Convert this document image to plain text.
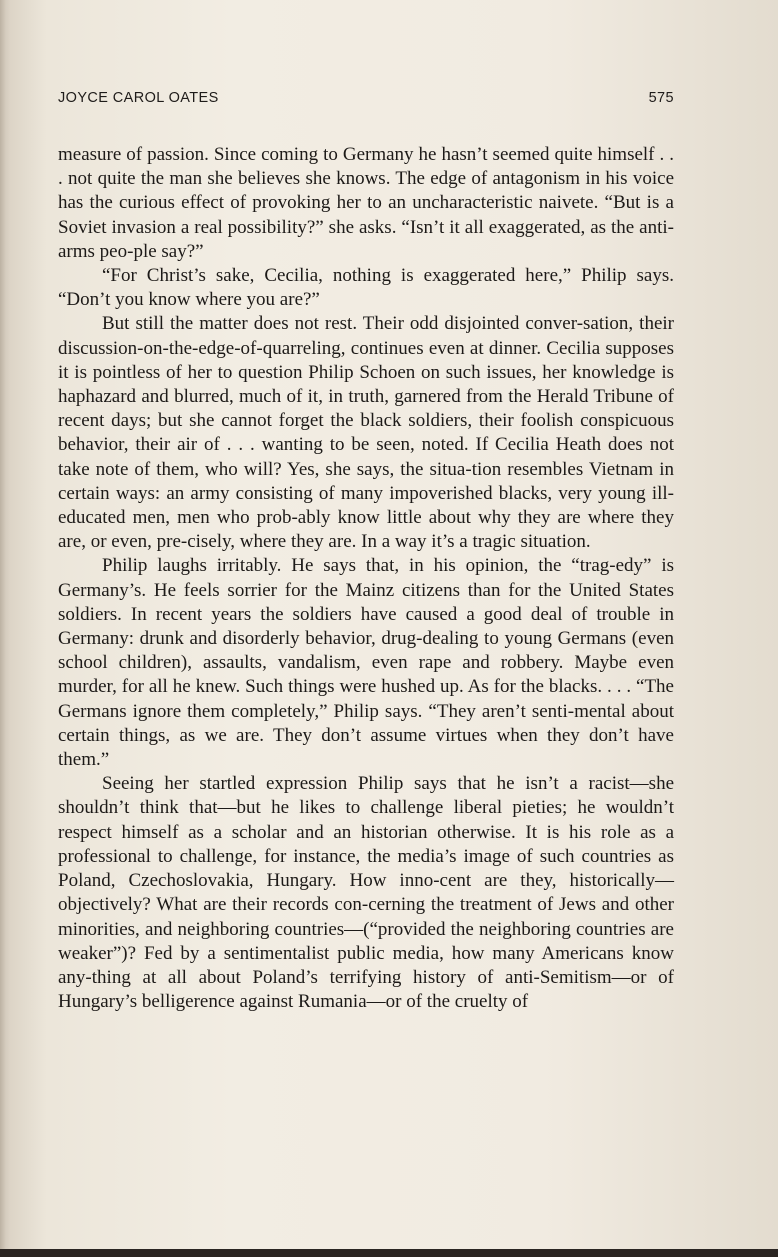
JOYCE CAROL OATES	575

measure of passion. Since coming to Germany he hasn’t seemed quite himself . . . not quite the man she believes she knows. The edge of antagonism in his voice has the curious effect of provoking her to an uncharacteristic naivete. “But is a Soviet invasion a real possibility?” she asks. “Isn’t it all exaggerated, as the anti-arms peo-ple say?”

“For Christ’s sake, Cecilia, nothing is exaggerated here,” Philip says. “Don’t you know where you are?”

But still the matter does not rest. Their odd disjointed conver-sation, their discussion-on-the-edge-of-quarreling, continues even at dinner. Cecilia supposes it is pointless of her to question Philip Schoen on such issues, her knowledge is haphazard and blurred, much of it, in truth, garnered from the Herald Tribune of recent days; but she cannot forget the black soldiers, their foolish conspicuous behavior, their air of . . . wanting to be seen, noted. If Cecilia Heath does not take note of them, who will? Yes, she says, the situa-tion resembles Vietnam in certain ways: an army consisting of many impoverished blacks, very young ill-educated men, men who prob-ably know little about why they are where they are, or even, pre-cisely, where they are. In a way it’s a tragic situation.

Philip laughs irritably. He says that, in his opinion, the “trag-edy” is Germany’s. He feels sorrier for the Mainz citizens than for the United States soldiers. In recent years the soldiers have caused a good deal of trouble in Germany: drunk and disorderly behavior, drug-dealing to young Germans (even school children), assaults, vandalism, even rape and robbery. Maybe even murder, for all he knew. Such things were hushed up. As for the blacks. . . . “The Germans ignore them completely,” Philip says. “They aren’t senti-mental about certain things, as we are. They don’t assume virtues when they don’t have them.”

Seeing her startled expression Philip says that he isn’t a racist—she shouldn’t think that—but he likes to challenge liberal pieties; he wouldn’t respect himself as a scholar and an historian otherwise. It is his role as a professional to challenge, for instance, the media’s image of such countries as Poland, Czechoslovakia, Hungary. How inno-cent are they, historically—objectively? What are their records con-cerning the treatment of Jews and other minorities, and neighboring countries—(“provided the neighboring countries are weaker”)? Fed by a sentimentalist public media, how many Americans know any-thing at all about Poland’s terrifying history of anti-Semitism—or of Hungary’s belligerence against Rumania—or of the cruelty of
